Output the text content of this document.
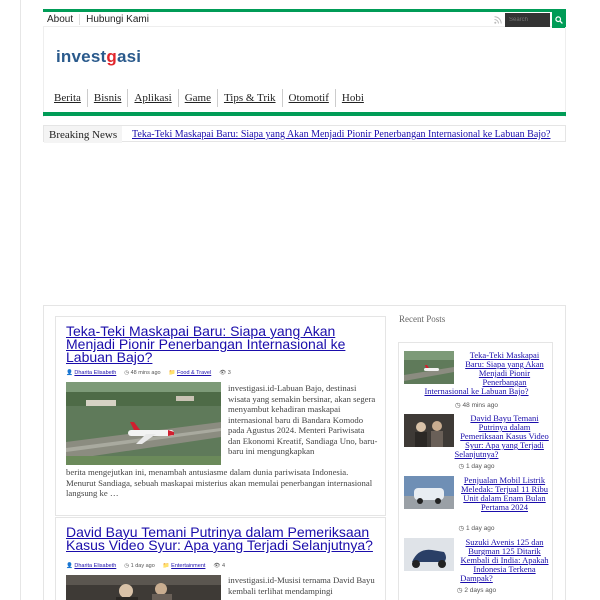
About	Hubungi Kami
Search
investgasi
Berita	Bisnis	Aplikasi	Game	Tips & Trik	Otomotif	Hobi
Breaking News	Teka-Teki Maskapai Baru: Siapa yang Akan Menjadi Pionir Penerbangan Internasional ke Labuan Bajo?
Teka-Teki Maskapai Baru: Siapa yang Akan Menjadi Pionir Penerbangan Internasional ke Labuan Bajo?
👤 Dharita Elisabeth ◷ 48 mins ago 📁 Food & Travel 👁 3
investigasi.id-Labuan Bajo, destinasi wisata yang semakin bersinar, akan segera menyambut kehadiran maskapai internasional baru di Bandara Komodo pada Agustus 2024. Menteri Pariwisata dan Ekonomi Kreatif, Sandiaga Uno, baru-baru ini mengungkapkan
berita mengejutkan ini, menambah antusiasme dalam dunia pariwisata Indonesia. Menurut Sandiaga, sebuah maskapai misterius akan memulai penerbangan internasional langsung ke …
David Bayu Temani Putrinya dalam Pemeriksaan Kasus Video Syur: Apa yang Terjadi Selanjutnya?
👤 Dharita Elisabeth ◷ 1 day ago 📁 Entertainment 👁 4
investigasi.id-Musisi ternama David Bayu kembali terlihat mendampingi
Recent Posts
Teka-Teki Maskapai Baru: Siapa yang Akan Menjadi Pionir Penerbangan Internasional ke Labuan Bajo?
◷ 48 mins ago
David Bayu Temani Putrinya dalam Pemeriksaan Kasus Video Syur: Apa yang Terjadi Selanjutnya?
◷ 1 day ago
Penjualan Mobil Listrik Meledak: Terjual 11 Ribu Unit dalam Enam Bulan Pertama 2024
◷ 1 day ago
Suzuki Avenis 125 dan Burgman 125 Ditarik Kembali di India: Apakah Indonesia Terkena Dampak?
◷ 2 days ago
